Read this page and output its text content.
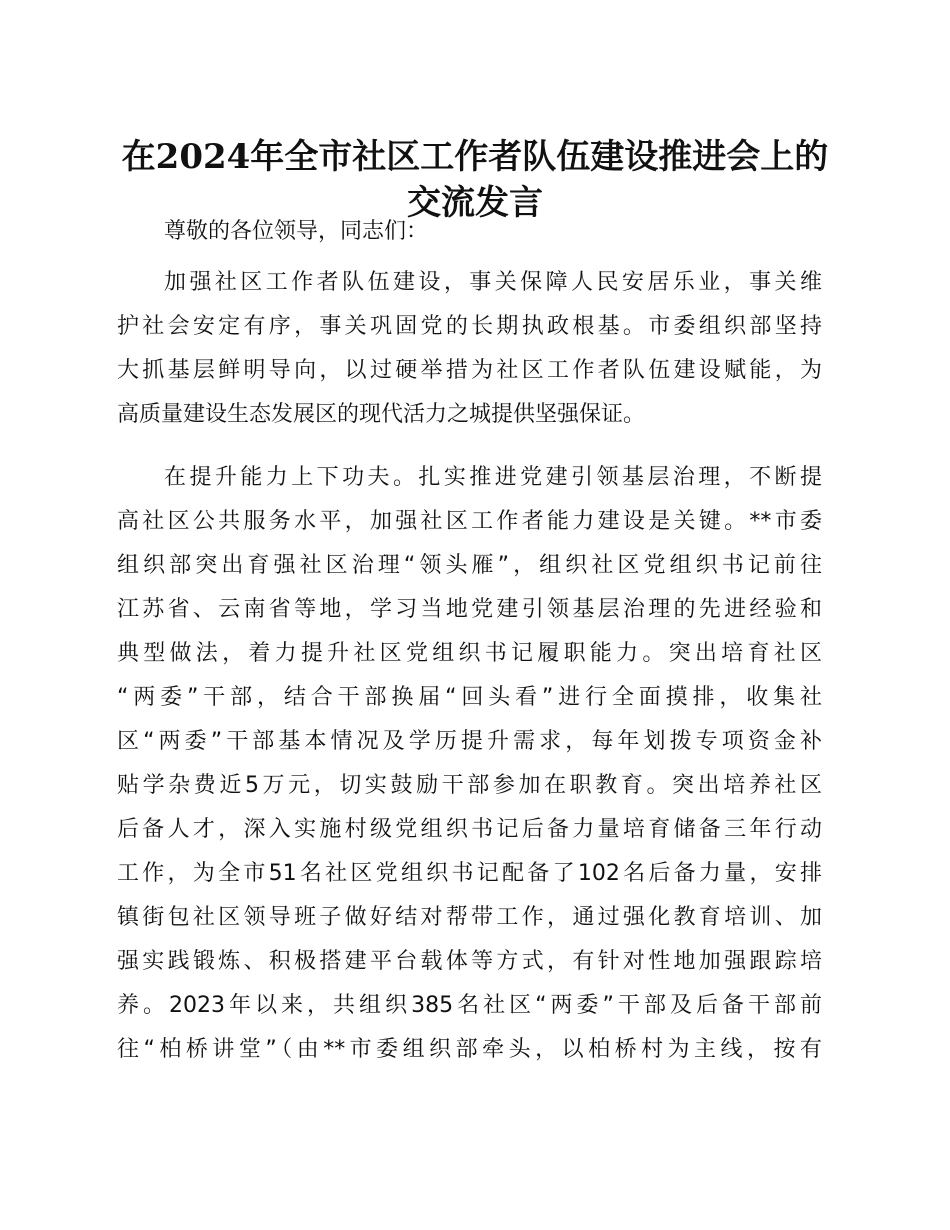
在2024年全市社区工作者队伍建设推进会上的
交流发言
尊敬的各位领导，同志们：
加强社区工作者队伍建设，事关保障人民安居乐业，事关维
护社会安定有序，事关巩固党的长期执政根基。市委组织部坚持
大抓基层鲜明导向，以过硬举措为社区工作者队伍建设赋能，为
高质量建设生态发展区的现代活力之城提供坚强保证。
在提升能力上下功夫。扎实推进党建引领基层治理，不断提
高社区公共服务水平，加强社区工作者能力建设是关键。**市委
组织部突出育强社区治理“领头雁”，组织社区党组织书记前往
江苏省、云南省等地，学习当地党建引领基层治理的先进经验和
典型做法，着力提升社区党组织书记履职能力。突出培育社区
“两委”干部，结合干部换届“回头看”进行全面摸排，收集社
区“两委”干部基本情况及学历提升需求，每年划拨专项资金补
贴学杂费近5万元，切实鼓励干部参加在职教育。突出培养社区
后备人才，深入实施村级党组织书记后备力量培育储备三年行动
工作，为全市51名社区党组织书记配备了102名后备力量，安排
镇街包社区领导班子做好结对帮带工作，通过强化教育培训、加
强实践锻炼、积极搭建平台载体等方式，有针对性地加强跟踪培
养。2023年以来，共组织385名社区“两委”干部及后备干部前
往“柏桥讲堂”（由**市委组织部牵头，以柏桥村为主线，按有
